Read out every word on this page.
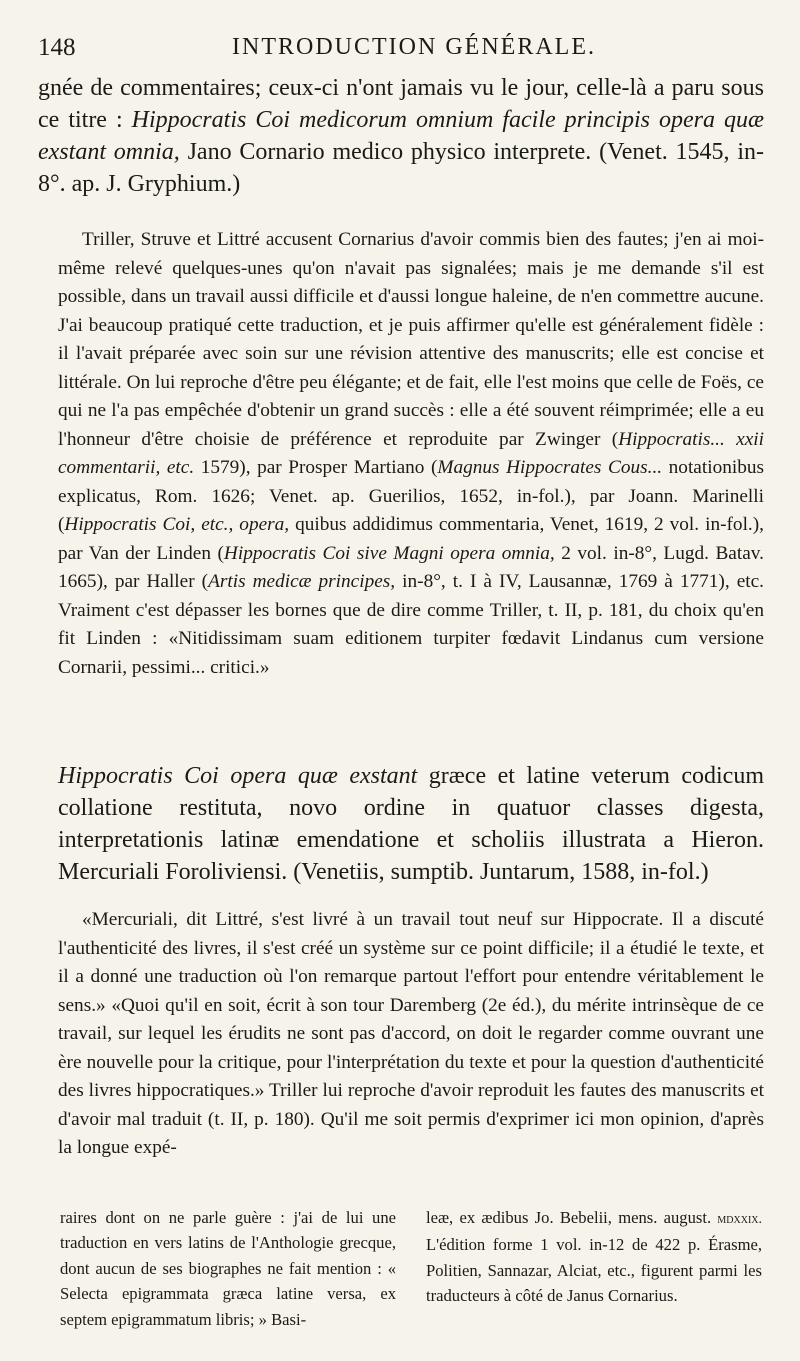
148	INTRODUCTION GÉNÉRALE.

gnée de commentaires; ceux-ci n'ont jamais vu le jour, celle-là a paru sous ce titre : Hippocratis Coi medicorum omnium facile principis opera quæ exstant omnia, Jano Cornario medico physico interprete. (Venet. 1545, in-8°. ap. J. Gryphium.)

Triller, Struve et Littré accusent Cornarius d'avoir commis bien des fautes; j'en ai moi-même relevé quelques-unes qu'on n'avait pas signalées; mais je me demande s'il est possible, dans un travail aussi difficile et d'aussi longue haleine, de n'en commettre aucune. J'ai beaucoup pratiqué cette traduction, et je puis affirmer qu'elle est généralement fidèle : il l'avait préparée avec soin sur une révision attentive des manuscrits; elle est concise et littérale. On lui reproche d'être peu élégante; et de fait, elle l'est moins que celle de Foës, ce qui ne l'a pas empêchée d'obtenir un grand succès : elle a été souvent réimprimée; elle a eu l'honneur d'être choisie de préférence et reproduite par Zwinger (Hippocratis... xxii commentarii, etc. 1579), par Prosper Martiano (Magnus Hippocrates Cous... notationibus explicatus, Rom. 1626; Venet. ap. Guerilios, 1652, in-fol.), par Joann. Marinelli (Hippocratis Coi, etc., opera, quibus addidimus commentaria, Venet, 1619, 2 vol. in-fol.), par Van der Linden (Hippocratis Coi sive Magni opera omnia, 2 vol. in-8°, Lugd. Batav. 1665), par Haller (Artis medicæ principes, in-8°, t. I à IV, Lausannæ, 1769 à 1771), etc. Vraiment c'est dépasser les bornes que de dire comme Triller, t. II, p. 181, du choix qu'en fit Linden : «Nitidissimam suam editionem turpiter fœdavit Lindanus cum versione Cornarii, pessimi... critici.»

Hippocratis Coi opera quæ exstant græce et latine veterum codicum collatione restituta, novo ordine in quatuor classes digesta, interpretationis latinæ emendatione et scholiis illustrata a Hieron. Mercuriali Foroliviensi. (Venetiis, sumptib. Juntarum, 1588, in-fol.)

«Mercuriali, dit Littré, s'est livré à un travail tout neuf sur Hippocrate. Il a discuté l'authenticité des livres, il s'est créé un système sur ce point difficile; il a étudié le texte, et il a donné une traduction où l'on remarque partout l'effort pour entendre véritablement le sens.» «Quoi qu'il en soit, écrit à son tour Daremberg (2e éd.), du mérite intrinsèque de ce travail, sur lequel les érudits ne sont pas d'accord, on doit le regarder comme ouvrant une ère nouvelle pour la critique, pour l'interprétation du texte et pour la question d'authenticité des livres hippocratiques.» Triller lui reproche d'avoir reproduit les fautes des manuscrits et d'avoir mal traduit (t. II, p. 180). Qu'il me soit permis d'exprimer ici mon opinion, d'après la longue expé-

raires dont on ne parle guère : j'ai de lui une traduction en vers latins de l'Anthologie grecque, dont aucun de ses biographes ne fait mention : « Selecta epigrammata græca latine versa, ex septem epigrammatum libris; » Basi-

leæ, ex ædibus Jo. Bebelii, mens. august. mdxxix. L'édition forme 1 vol. in-12 de 422 p. Érasme, Politien, Sannazar, Alciat, etc., figurent parmi les traducteurs à côté de Janus Cornarius.
